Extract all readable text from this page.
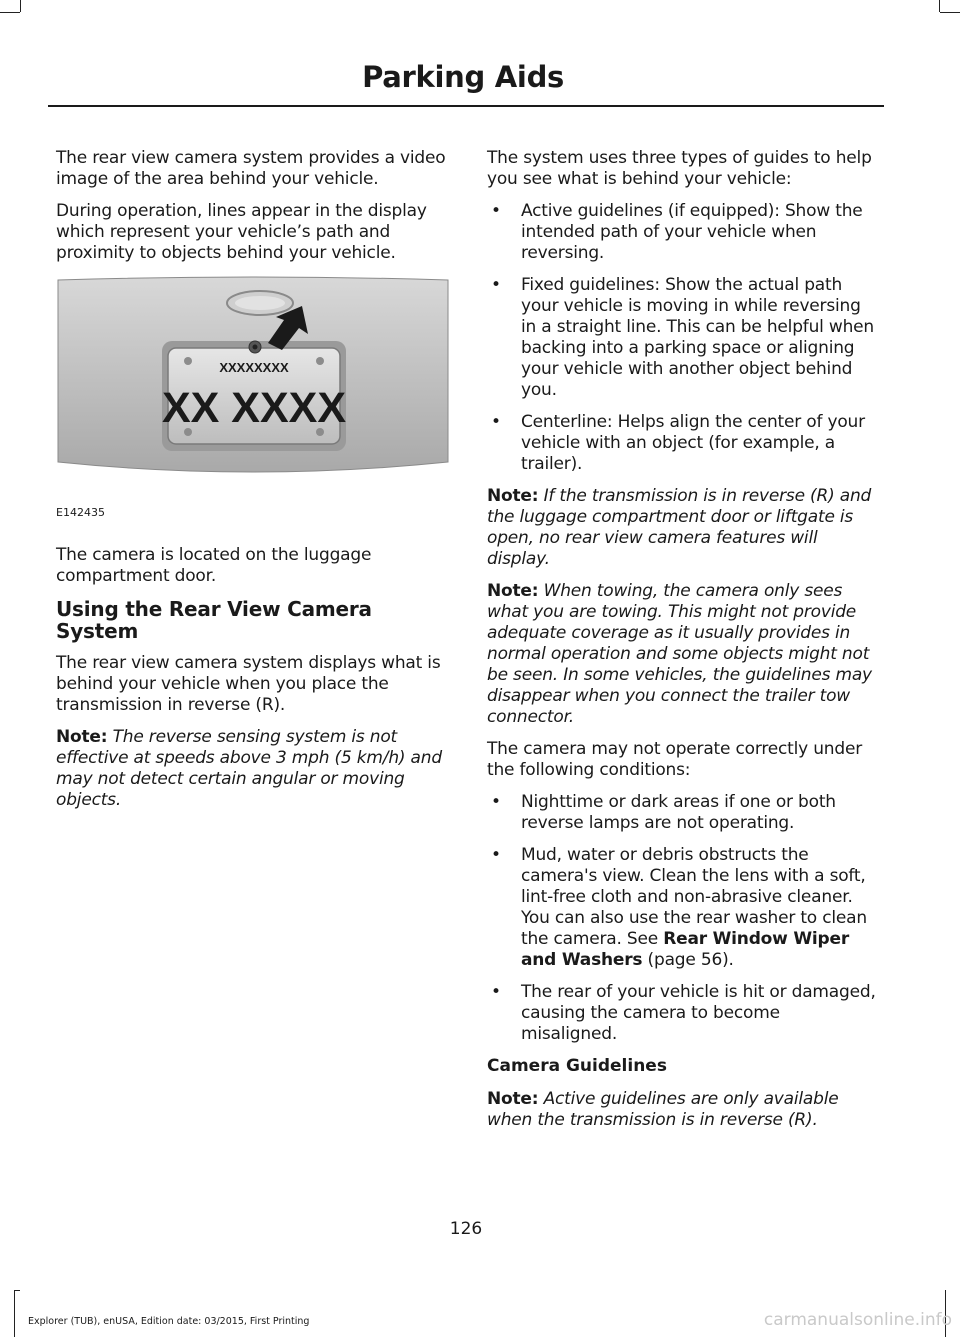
Parking Aids

The rear view camera system provides a video image of the area behind your vehicle.

During operation, lines appear in the display which represent your vehicle’s path and proximity to objects behind your vehicle.

XXXXXXXX
XX XXXX
E142435

The camera is located on the luggage compartment door.

Using the Rear View Camera System

The rear view camera system displays what is behind your vehicle when you place the transmission in reverse (R).

Note: The reverse sensing system is not effective at speeds above 3 mph (5 km/h) and may not detect certain angular or moving objects.

The system uses three types of guides to help you see what is behind your vehicle:

• Active guidelines (if equipped): Show the intended path of your vehicle when reversing.
• Fixed guidelines: Show the actual path your vehicle is moving in while reversing in a straight line. This can be helpful when backing into a parking space or aligning your vehicle with another object behind you.
• Centerline: Helps align the center of your vehicle with an object (for example, a trailer).

Note: If the transmission is in reverse (R) and the luggage compartment door or liftgate is open, no rear view camera features will display.

Note: When towing, the camera only sees what you are towing. This might not provide adequate coverage as it usually provides in normal operation and some objects might not be seen. In some vehicles, the guidelines may disappear when you connect the trailer tow connector.

The camera may not operate correctly under the following conditions:

• Nighttime or dark areas if one or both reverse lamps are not operating.
• Mud, water or debris obstructs the camera's view. Clean the lens with a soft, lint-free cloth and non-abrasive cleaner. You can also use the rear washer to clean the camera. See Rear Window Wiper and Washers (page 56).
• The rear of your vehicle is hit or damaged, causing the camera to become misaligned.
Camera Guidelines

Note: Active guidelines are only available when the transmission is in reverse (R).

126
Explorer (TUB), enUSA, Edition date: 03/2015, First Printing	carmanualsonline.info
